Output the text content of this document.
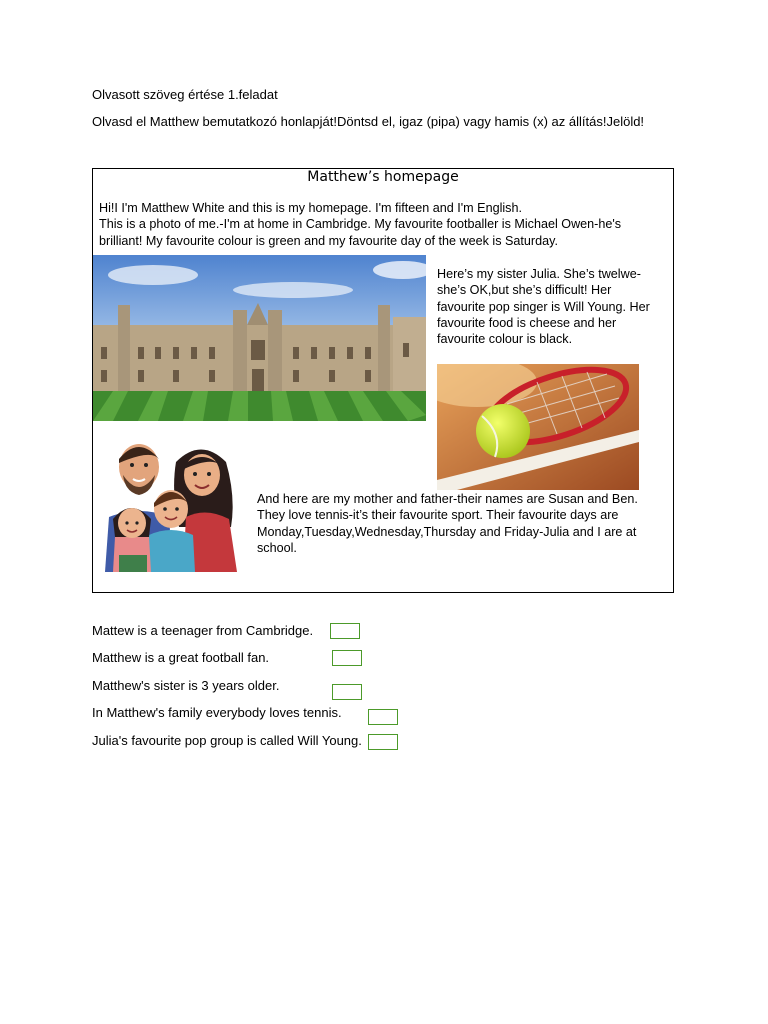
Olvasott szöveg értése 1.feladat
Olvasd el Matthew bemutatkozó honlapját!Döntsd el, igaz (pipa) vagy hamis (x) az állítás!Jelöld!
Matthew’s homepage
Hi!I I'm Matthew White and this is my homepage. I'm fifteen and I'm English.
This is a photo of me.-I'm at home in Cambridge. My favourite footballer is Michael Owen-he's
brilliant! My favourite colour is green and my favourite day of the week is Saturday.
Here’s my sister Julia. She’s twelwe-
she’s OK,but she’s difficult! Her
favourite pop singer is Will Young. Her
favourite food is cheese and her
favourite colour is black.
And here are my mother and father-their names are Susan and Ben.
They love tennis-it’s their favourite sport. Their favourite days are
Monday,Tuesday,Wednesday,Thursday and Friday-Julia and I are at
school.
Mattew is a teenager from Cambridge.
Matthew is a great football fan.
Matthew's sister is 3 years older.
In Matthew's family everybody loves tennis.
Julia's favourite pop group is called Will Young.
